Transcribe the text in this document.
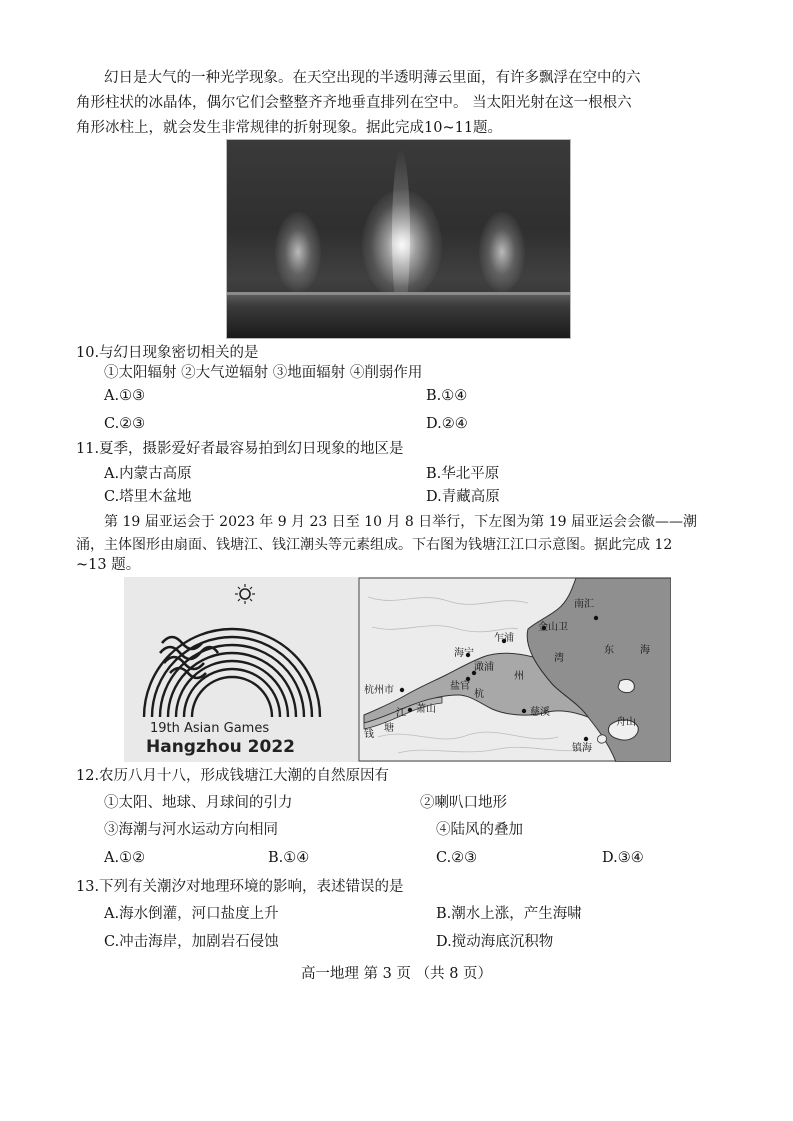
幻日是大气的一种光学现象。在天空出现的半透明薄云里面，有许多飘浮在空中的六
角形柱状的冰晶体，偶尔它们会整整齐齐地垂直排列在空中。 当太阳光射在这一根根六
角形冰柱上，就会发生非常规律的折射现象。据此完成10~11题。
10.与幻日现象密切相关的是
①太阳辐射 ②大气逆辐射 ③地面辐射 ④削弱作用
A.①③	B.①④
C.②③	D.②④
11.夏季，摄影爱好者最容易拍到幻日现象的地区是
A.内蒙古高原	B.华北平原
C.塔里木盆地	D.青藏高原
第 19 届亚运会于 2023 年 9 月 23 日至 10 月 8 日举行，下左图为第 19 届亚运会会徽——潮
涌，主体图形由扇面、钱塘江、钱江潮头等元素组成。下右图为钱塘江江口示意图。据此完成 12
~13 题。
19th Asian Games
Hangzhou 2022
南汇
金山卫
乍浦
海宁
澉浦
盐官
杭州市	杭
州
湾
东	海
萧山	慈溪
江
塘
钱
舟山
镇海
12.农历八月十八，形成钱塘江大潮的自然原因有
①太阳、地球、月球间的引力	②喇叭口地形
③海潮与河水运动方向相同	④陆风的叠加
A.①②	B.①④	C.②③	D.③④
13.下列有关潮汐对地理环境的影响，表述错误的是
A.海水倒灌，河口盐度上升	B.潮水上涨，产生海啸
C.冲击海岸，加剧岩石侵蚀	D.搅动海底沉积物
高一地理 第 3 页 （共 8 页）
